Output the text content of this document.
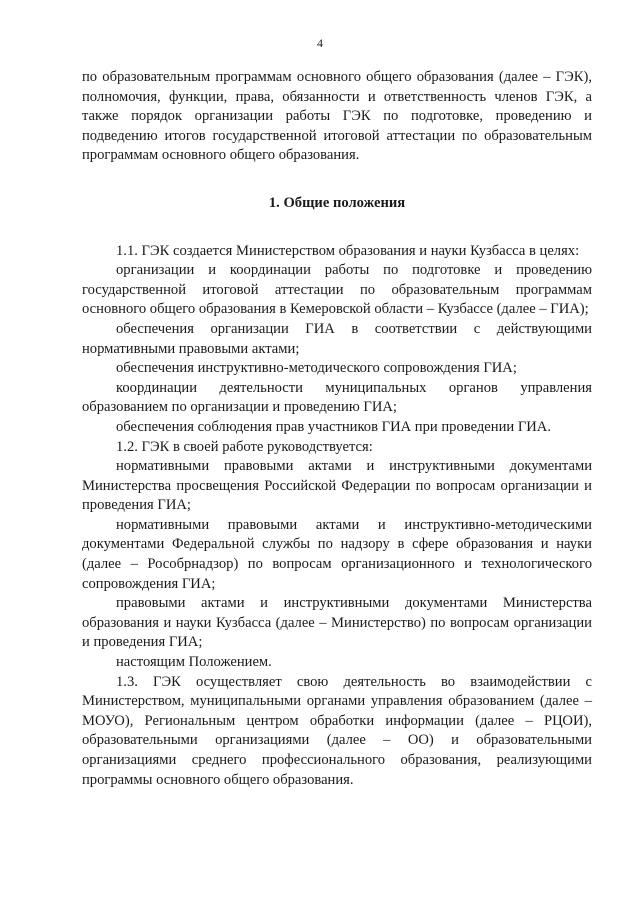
4

по образовательным программам основного общего образования (далее – ГЭК), полномочия, функции, права, обязанности и ответственность членов ГЭК, а также порядок организации работы ГЭК по подготовке, проведению и подведению итогов государственной итоговой аттестации по образовательным программам основного общего образования.

1. Общие положения

1.1. ГЭК создается Министерством образования и науки Кузбасса в целях:

организации и координации работы по подготовке и проведению государственной итоговой аттестации по образовательным программам основного общего образования в Кемеровской области – Кузбассе (далее – ГИА);

обеспечения организации ГИА в соответствии с действующими нормативными правовыми актами;

обеспечения инструктивно-методического сопровождения ГИА;

координации деятельности муниципальных органов управления образованием по организации и проведению ГИА;

обеспечения соблюдения прав участников ГИА при проведении ГИА.

1.2. ГЭК в своей работе руководствуется:

нормативными правовыми актами и инструктивными документами Министерства просвещения Российской Федерации по вопросам организации и проведения ГИА;

нормативными правовыми актами и инструктивно-методическими документами Федеральной службы по надзору в сфере образования и науки (далее – Рособрнадзор) по вопросам организационного и технологического сопровождения ГИА;

правовыми актами и инструктивными документами Министерства образования и науки Кузбасса (далее – Министерство) по вопросам организации и проведения ГИА;

настоящим Положением.

1.3. ГЭК осуществляет свою деятельность во взаимодействии с Министерством, муниципальными органами управления образованием (далее – МОУО), Региональным центром обработки информации (далее – РЦОИ), образовательными организациями (далее – ОО) и образовательными организациями среднего профессионального образования, реализующими программы основного общего образования.
